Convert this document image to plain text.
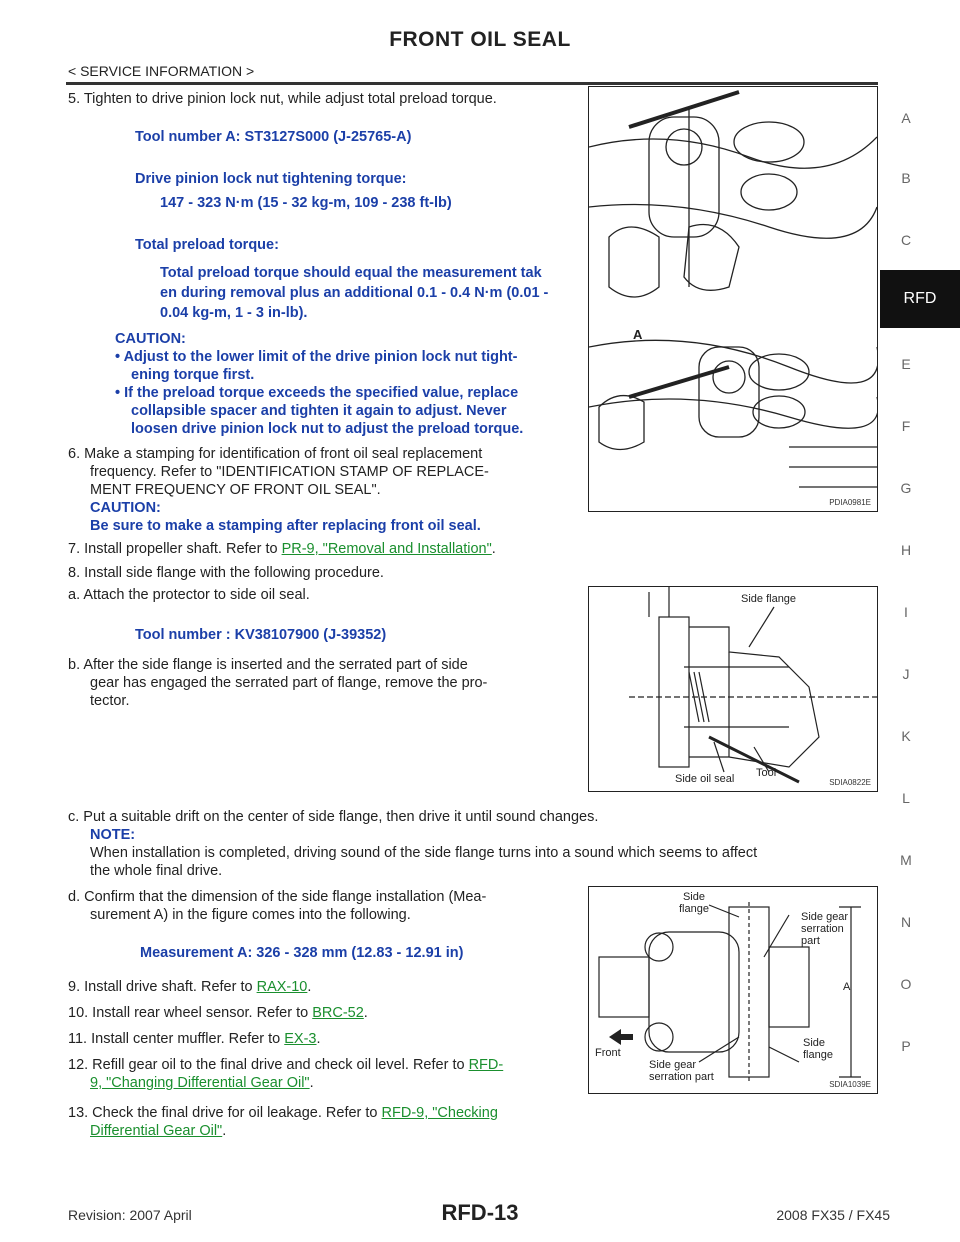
FRONT OIL SEAL
< SERVICE INFORMATION >
A
B
C
RFD
E
F
G
H
I
J
K
L
M
N
O
P
5. Tighten to drive pinion lock nut, while adjust total preload torque.
Tool number A: ST3127S000 (J-25765-A)
Drive pinion lock nut tightening torque:
147 - 323 N·m (15 - 32 kg-m, 109 - 238 ft-lb)
Total preload torque:
Total preload torque should equal the measurement tak
en during removal plus an additional 0.1 - 0.4 N·m (0.01 -
0.04 kg-m, 1 - 3 in-lb).
CAUTION:
• Adjust to the lower limit of the drive pinion lock nut tight-
ening torque first.
• If the preload torque exceeds the specified value, replace
collapsible spacer and tighten it again to adjust. Never
loosen drive pinion lock nut to adjust the preload torque.
6. Make a stamping for identification of front oil seal replacement
frequency. Refer to "IDENTIFICATION STAMP OF REPLACE-
MENT FREQUENCY OF FRONT OIL SEAL".
CAUTION:
Be sure to make a stamping after replacing front oil seal.
7. Install propeller shaft. Refer to PR-9, "Removal and Installation".
8. Install side flange with the following procedure.
a. Attach the protector to side oil seal.
Tool number : KV38107900 (J-39352)
b. After the side flange is inserted and the serrated part of side
gear has engaged the serrated part of flange, remove the pro-
tector.
c. Put a suitable drift on the center of side flange, then drive it until sound changes.
NOTE:
When installation is completed, driving sound of the side flange turns into a sound which seems to affect
the whole final drive.
d. Confirm that the dimension of the side flange installation (Mea-
surement A) in the figure comes into the following.
Measurement A: 326 - 328 mm (12.83 - 12.91 in)
9. Install drive shaft. Refer to RAX-10.
10. Install rear wheel sensor. Refer to BRC-52.
11. Install center muffler. Refer to EX-3.
12. Refill gear oil to the final drive and check oil level. Refer to RFD-
9, "Changing Differential Gear Oil".
13. Check the final drive for oil leakage. Refer to RFD-9, "Checking
Differential Gear Oil".
A
PDIA0981E
Side flange
Side oil seal Tool
SDIA0822E
Side
flange
Side gear
serration
part
A
Front
Side gear
serration part
Side
flange
SDIA1039E
Revision: 2007 April	RFD-13	2008 FX35 / FX45
